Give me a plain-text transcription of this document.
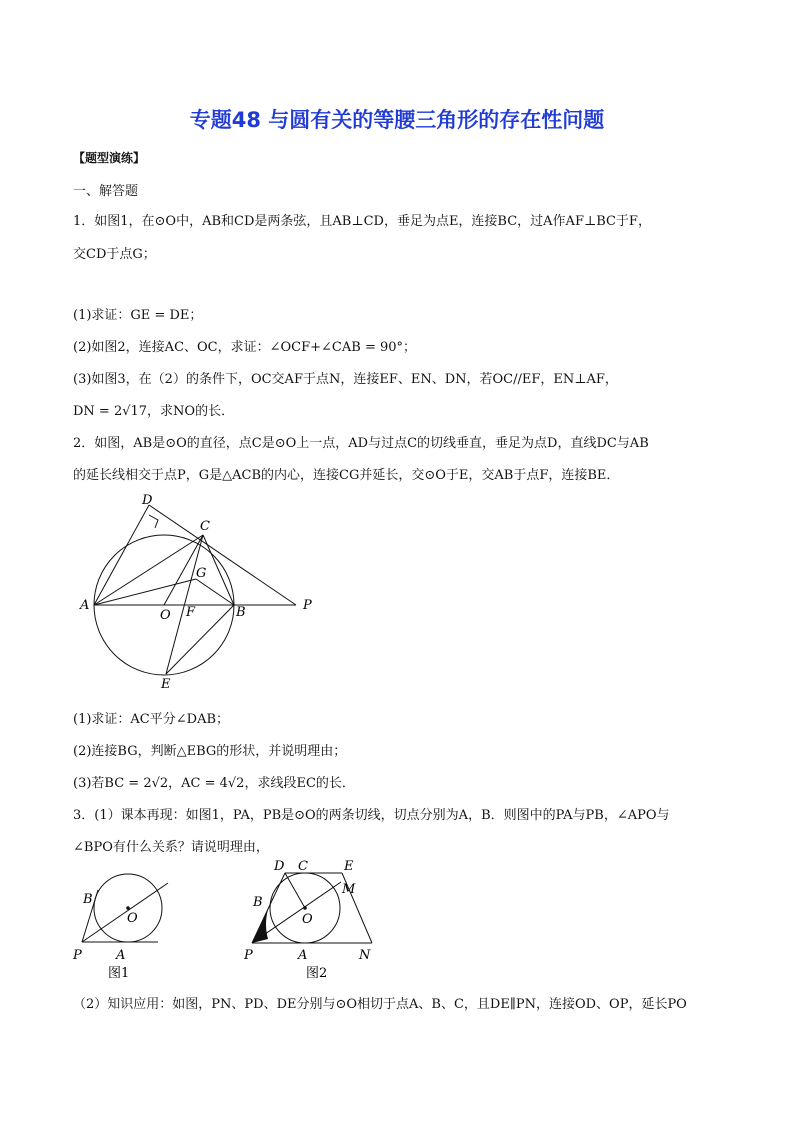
专题48 与圆有关的等腰三角形的存在性问题
【题型演练】
一、解答题
1．如图1，在⊙O中，AB和CD是两条弦，且AB⊥CD，垂足为点E，连接BC，过A作AF⊥BC于F，
交CD于点G；
(1)求证：GE = DE；
(2)如图2，连接AC、OC，求证：∠OCF+∠CAB = 90°；
(3)如图3，在（2）的条件下，OC交AF于点N，连接EF、EN、DN，若OC//EF，EN⊥AF，
DN = 2√17，求NO的长．
2．如图，AB是⊙O的直径，点C是⊙O上一点，AD与过点C的切线垂直，垂足为点D，直线DC与AB
的延长线相交于点P，G是△ACB的内心，连接CG并延长，交⊙O于E，交AB于点F，连接BE．
D
C
G
A
O F	B	P
E
(1)求证：AC平分∠DAB；
(2)连接BG，判断△EBG的形状，并说明理由；
(3)若BC = 2√2，AC = 4√2，求线段EC的长．
3．(1）课本再现：如图1，PA，PB是⊙O的两条切线，切点分别为A，B．则图中的PA与PB，∠APO与
∠BPO有什么关系？请说明理由，
B
O
P	A
图1
D C	E
M
B
O
P	A	N
图2
（2）知识应用：如图，PN、PD、DE分别与⊙O相切于点A、B、C，且DE∥PN，连接OD、OP，延长PO
